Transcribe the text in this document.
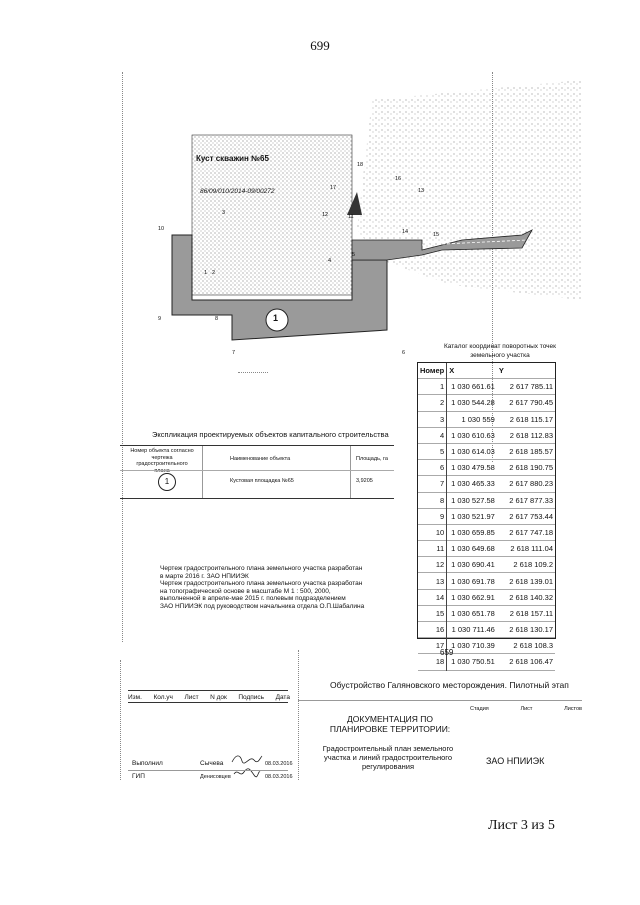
699
Куст скважин №65
86/09/010/2014-09/00272
1
1 2
3
4
5
6
7
8
9
10
11
12
13
14	15
16
17
18
Каталог координат поворотных точек
земельного участка
Номер	X	Y
1	1 030 661.61	2 617 785.11
2	1 030 544.28	2 617 790.45
3	1 030 559	2 618 115.17
4	1 030 610.63	2 618 112.83
5	1 030 614.03	2 618 185.57
6	1 030 479.58	2 618 190.75
7	1 030 465.33	2 617 880.23
8	1 030 527.58	2 617 877.33
9	1 030 521.97	2 617 753.44
10	1 030 659.85	2 617 747.18
11	1 030 649.68	2 618 111.04
12	1 030 690.41	2 618 109.2
13	1 030 691.78	2 618 139.01
14	1 030 662.91	2 618 140.32
15	1 030 651.78	2 618 157.11
16	1 030 711.46	2 618 130.17
17	1 030 710.39	2 618 108.3
18	1 030 750.51	2 618 106.47
659
Экспликация проектируемых объектов капитального строительства
Номер объекта согласно чертежа градостроительного плана
Наименование объекта	Площадь, га
1	Кустовая площадка №65	3,9205
Чертеж градостроительного плана земельного участка разработан
в марте 2016 г. ЗАО НПИИЭК
Чертеж градостроительного плана земельного участка разработан
на топографической основе в масштабе М 1 : 500, 2000,
выполненной в апреле-мае 2015 г. полевым подразделением
ЗАО НПИИЭК под руководством начальника отдела О.П.Шабалина
Обустройство Галяновского месторождения. Пилотный этап
Изм. Кол.уч Лист N док Подпись Дата
ДОКУМЕНТАЦИЯ ПО
ПЛАНИРОВКЕ ТЕРРИТОРИИ:
Стадия	Лист	Листов
Градостроительный план земельного
участка и линий градостроительного
регулирования
ЗАО НПИИЭК
Выполнил	Сычева	08.03.2016
ГИП	Денисовцев	08.03.2016
Лист 3 из 5
